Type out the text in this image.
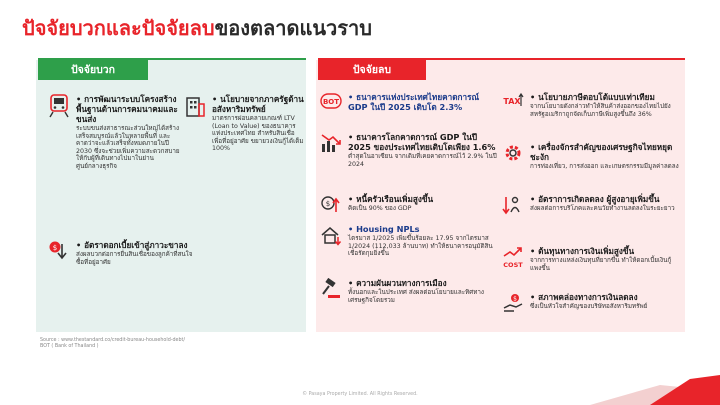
ปัจจัยบวกและปัจจัยลบของตลาดแนวราบ
ปัจจัยบวก
• การพัฒนาระบบโครงสร้างพื้นฐานด้านการคมนาคมและขนส่ง
ระบบขนส่งสาธารณะส่วนใหญ่ได้สร้างเสร็จสมบูรณ์แล้วในหลายพื้นที่ และคาดว่าจะแล้วเสร็จทั้งหมดภายในปี 2030 ซึ่งจะช่วยเพิ่มความสะดวกสบายให้กับผู้ที่เดินทางไปมาในย่านศูนย์กลางธุรกิจ
• นโยบายจากภาครัฐด้านอสังหาริมทรัพย์
มาตรการผ่อนคลายเกณฑ์ LTV (Loan to Value) ของธนาคารแห่งประเทศไทย สำหรับสินเชื่อเพื่อที่อยู่อาศัย ขยายวงเงินกู้ได้เต็ม 100%
$ • อัตราดอกเบี้ยเข้าสู่ภาวะขาลง
ส่งผลบวกต่อการยื่นสินเชื่อของลูกค้าที่สนใจซื้อที่อยู่อาศัย
ปัจจัยลบ
BOT • ธนาคารแห่งประเทศไทยคาดการณ์ GDP ในปี 2025 เติบโต 2.3%
• ธนาคารโลกคาดการณ์ GDP ในปี 2025 ของประเทศไทยเติบโตเพียง 1.6%
ต่ำสุดในอาเซียน จากเดิมที่เคยคาดการณ์ไว้ 2.9% ในปี 2024
$ • หนี้ครัวเรือนเพิ่มสูงขึ้น
คิดเป็น 90% ของ GDP
• Housing NPLs
ไตรมาส 1/2025 เพิ่มขึ้นร้อยละ 17.95 จากไตรมาส 1/2024 (112,033 ล้านบาท) ทำให้ธนาคารอนุมัติสินเชื่อรัดกุมยิ่งขึ้น
• ความผันผวนทางการเมือง
ทั้งนอกและในประเทศ ส่งผลต่อนโยบายและทิศทางเศรษฐกิจโดยรวม
TAX • นโยบายภาษีตอบโต้แบบเท่าเทียม
จากนโยบายดังกล่าวทำให้สินค้าส่งออกของไทยไปยังสหรัฐอเมริกาถูกจัดเก็บภาษีเพิ่มสูงขึ้นถึง 36%
• เครื่องจักรสำคัญของเศรษฐกิจไทยหยุดชะงัก
การท่องเที่ยว, การส่งออก และเกษตรกรรมมีมูลค่าลดลง
• อัตราการเกิดลดลง ผู้สูงอายุเพิ่มขึ้น
ส่งผลต่อการบริโภคและคนวัยทำงานลดลงในระยะยาว
COST
• ต้นทุนทางการเงินเพิ่มสูงขึ้น
จากการทางแหล่งเงินทุนที่ยากขึ้น ทำให้ดอกเบี้ยเงินกู้แพงขึ้น
$ • สภาพคล่องทางการเงินลดลง
ซึ่งเป็นหัวใจสำคัญของบริษัทอสังหาริมทรัพย์
Source : www.thestandard.co/credit-bureau-household-debt/
BOT ( Bank of Thailand )
© Pasaya Property Limited. All Rights Reserved.
